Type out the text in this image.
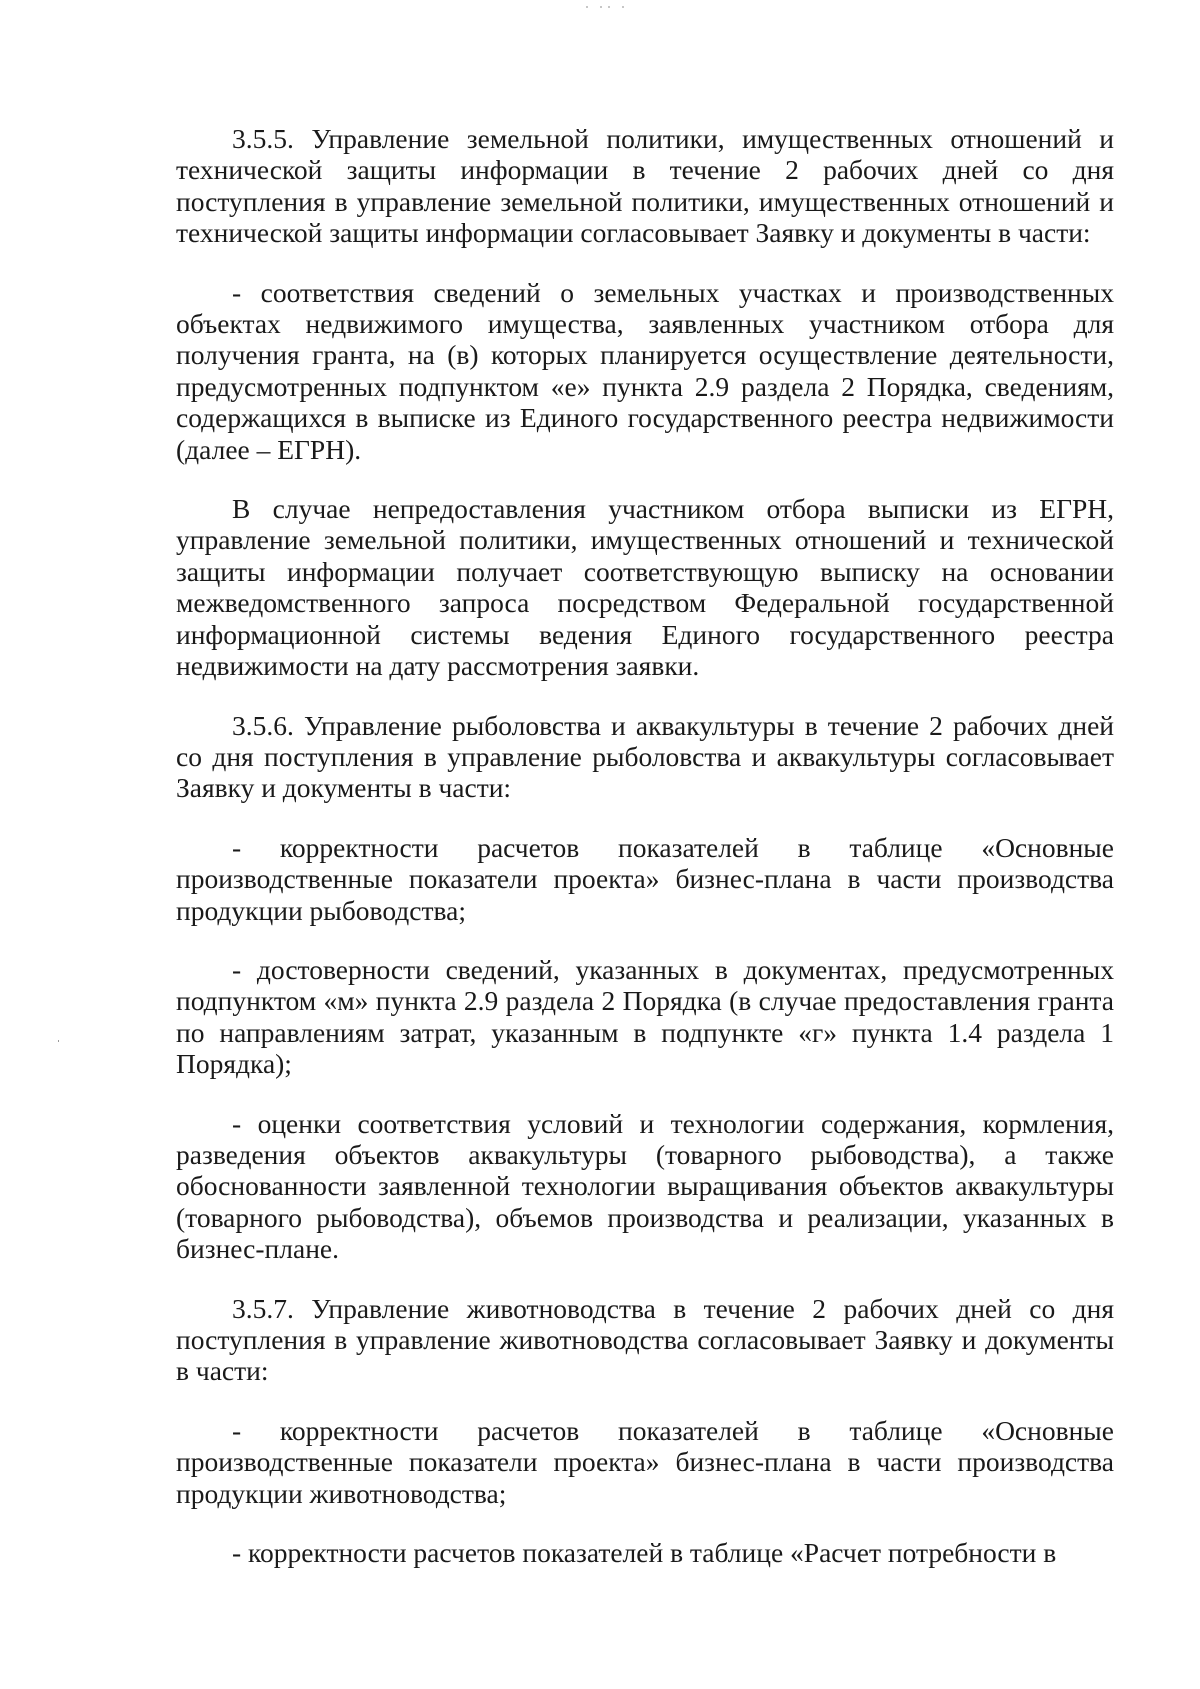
3.5.5. Управление земельной политики, имущественных отношений и технической защиты информации в течение 2 рабочих дней со дня поступления в управление земельной политики, имущественных отношений и технической защиты информации согласовывает Заявку и документы в части:

- соответствия сведений о земельных участках и производственных объектах недвижимого имущества, заявленных участником отбора для получения гранта, на (в) которых планируется осуществление деятельности, предусмотренных подпунктом «е» пункта 2.9 раздела 2 Порядка, сведениям, содержащихся в выписке из Единого государственного реестра недвижимости (далее – ЕГРН).

В случае непредоставления участником отбора выписки из ЕГРН, управление земельной политики, имущественных отношений и технической защиты информации получает соответствующую выписку на основании межведомственного запроса посредством Федеральной государственной информационной системы ведения Единого государственного реестра недвижимости на дату рассмотрения заявки.

3.5.6. Управление рыболовства и аквакультуры в течение 2 рабочих дней со дня поступления в управление рыболовства и аквакультуры согласовывает Заявку и документы в части:

- корректности расчетов показателей в таблице «Основные производственные показатели проекта» бизнес-плана в части производства продукции рыбоводства;

- достоверности сведений, указанных в документах, предусмотренных подпунктом «м» пункта 2.9 раздела 2 Порядка (в случае предоставления гранта по направлениям затрат, указанным в подпункте «г» пункта 1.4 раздела 1 Порядка);

- оценки соответствия условий и технологии содержания, кормления, разведения объектов аквакультуры (товарного рыбоводства), а также обоснованности заявленной технологии выращивания объектов аквакультуры (товарного рыбоводства), объемов производства и реализации, указанных в бизнес-плане.

3.5.7. Управление животноводства в течение 2 рабочих дней со дня поступления в управление животноводства согласовывает Заявку и документы в части:

- корректности расчетов показателей в таблице «Основные производственные показатели проекта» бизнес-плана в части производства продукции животноводства;

- корректности расчетов показателей в таблице «Расчет потребности в
